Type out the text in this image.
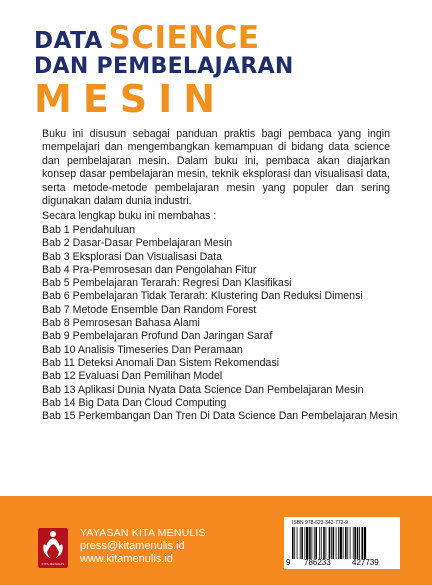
DATA SCIENCE
DAN PEMBELAJARAN
MESIN

Buku ini disusun sebagai panduan praktis bagi pembaca yang ingin mempelajari dan mengembangkan kemampuan di bidang data science dan pembelajaran mesin. Dalam buku ini, pembaca akan diajarkan konsep dasar pembelajaran mesin, teknik eksplorasi dan visualisasi data, serta metode-metode pembelajaran mesin yang populer dan sering digunakan dalam dunia industri.

Secara lengkap buku ini membahas :

Bab 1 Pendahuluan
Bab 2 Dasar-Dasar Pembelajaran Mesin
Bab 3 Eksplorasi Dan Visualisasi Data
Bab 4 Pra-Pemrosesan dan Pengolahan Fitur
Bab 5 Pembelajaran Terarah: Regresi Dan Klasifikasi
Bab 6 Pembelajaran Tidak Terarah: Klustering Dan Reduksi Dimensi
Bab 7 Metode Ensemble Dan Random Forest
Bab 8 Pemrosesan Bahasa Alami
Bab 9 Pembelajaran Profund Dan Jaringan Saraf
Bab 10 Analisis Timeseries Dan Peramaan
Bab 11 Deteksi Anomali Dan Sistem Rekomendasi
Bab 12 Evaluasi Dan Pemilihan Model
Bab 13 Aplikasi Dunia Nyata Data Science Dan Pembelajaran Mesin
Bab 14 Big Data Dan Cloud Computing
Bab 15 Perkembangan Dan Tren Di Data Science Dan Pembelajaran Mesin
KITA MENULIS
YAYASAN KITA MENULIS
press@kitamenulis.id
www.kitamenulis.id
ISBN 978-623-342-772-9
9 786233	427739
